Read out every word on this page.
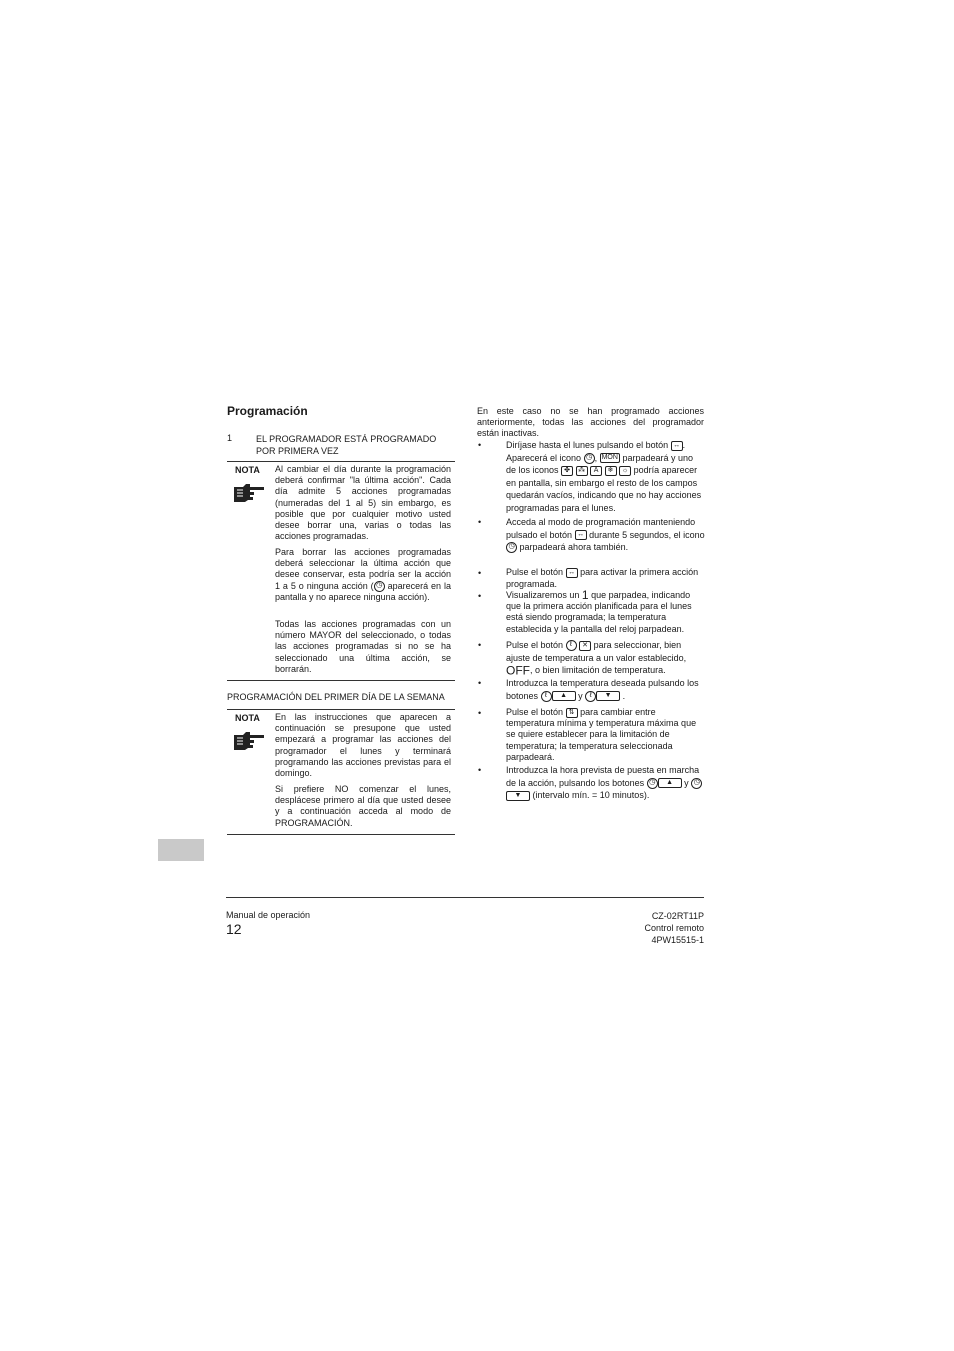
Programación
1	EL PROGRAMADOR ESTÁ PROGRAMADO POR PRIMERA VEZ
NOTA Al cambiar el día durante la programación deberá confirmar "la última acción". Cada día admite 5 acciones programadas (numeradas del 1 al 5) sin embargo, es posible que por cualquier motivo usted desee borrar una, varias o todas las acciones programadas.
Para borrar las acciones programadas deberá seleccionar la última acción que desee conservar, esta podría ser la acción 1 a 5 o ninguna acción ( ◷ aparecerá en la pantalla y no aparece ninguna acción).
Todas las acciones programadas con un número MAYOR del seleccionado, o todas las acciones programadas si no se ha seleccionado una última acción, se borrarán.
PROGRAMACIÓN DEL PRIMER DÍA DE LA SEMANA
NOTA En las instrucciones que aparecen a continuación se presupone que usted empezará a programar las acciones del programador el lunes y terminará programando las acciones previstas para el domingo.
Si prefiere NO comenzar el lunes, desplácese primero al día que usted desee y a continuación acceda al modo de PROGRAMACIÓN.
En este caso no se han programado acciones anteriormente, todas las acciones del programador están inactivas.
•	Diríjase hasta el lunes pulsando el botón ↔ . Aparecerá el icono ◷ , MON parpadeará y uno de los iconos ✤ ⁂ A ❄ ☼ podría aparecer en pantalla, sin embargo el resto de los campos quedarán vacíos, indicando que no hay acciones programadas para el lunes.
•	Acceda al modo de programación manteniendo pulsado el botón ↔ durante 5 segundos, el icono ◷ parpadeará ahora también.
•	Pulse el botón ↔ para activar la primera acción programada.
•	Visualizaremos un 1 que parpadea, indicando que la primera acción planificada para el lunes está siendo programada; la temperatura establecida y la pantalla del reloj parpadean.
•	Pulse el botón ℓ ✕ para seleccionar, bien ajuste de temperatura a un valor establecido, OFF, o bien limitación de temperatura.
•	Introduzca la temperatura deseada pulsando los botones ℓ ▲ y ℓ ▼ .
•	Pulse el botón ⇅ para cambiar entre temperatura mínima y temperatura máxima que se quiere establecer para la limitación de temperatura; la temperatura seleccionada parpadeará.
•	Introduzca la hora prevista de puesta en marcha de la acción, pulsando los botones ◷ ▲ y ◷▼ (intervalo mín. = 10 minutos).
Manual de operación
12
CZ-02RT11P
Control remoto
4PW15515-1
